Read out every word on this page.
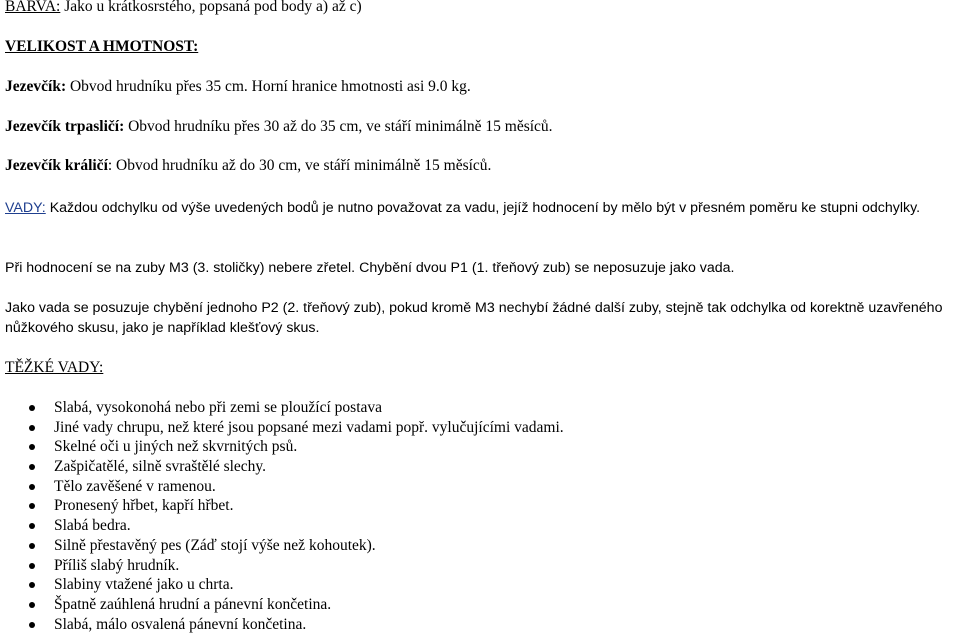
BARVA: Jako u krátkosrstého, popsaná pod body a) až c)
VELIKOST A HMOTNOST:
Jezevčík: Obvod hrudníku přes 35 cm. Horní hranice hmotnosti asi 9.0 kg.
Jezevčík trpasličí: Obvod hrudníku přes 30 až do 35 cm, ve stáří minimálně 15 měsíců.
Jezevčík králičí: Obvod hrudníku až do 30 cm, ve stáří minimálně 15 měsíců.
VADY: Každou odchylku od výše uvedených bodů je nutno považovat za vadu, jejíž hodnocení by mělo být v přesném poměru ke stupni odchylky.
Při hodnocení se na zuby M3 (3. stoličky) nebere zřetel. Chybění dvou P1 (1. třeňový zub) se neposuzuje jako vada.
Jako vada se posuzuje chybění jednoho P2 (2. třeňový zub), pokud kromě M3 nechybí žádné další zuby, stejně tak odchylka od korektně uzavřeného nůžkového skusu, jako je například klešťový skus.
TĚŽKÉ VADY:
Slabá, vysokonohá nebo při zemi se ploužící postava
Jiné vady chrupu, než které jsou popsané mezi vadami popř. vylučujícími vadami.
Skelné oči u jiných než skvrnitých psů.
Zašpičatělé, silně svraštělé slechy.
Tělo zavěšené v ramenou.
Pronesený hřbet, kapří hřbet.
Slabá bedra.
Silně přestavěný pes (Záď stojí výše než kohoutek).
Příliš slabý hrudník.
Slabiny vtažené jako u chrta.
Špatně zaúhlená hrudní a pánevní končetina.
Slabá, málo osvalená pánevní končetina.
